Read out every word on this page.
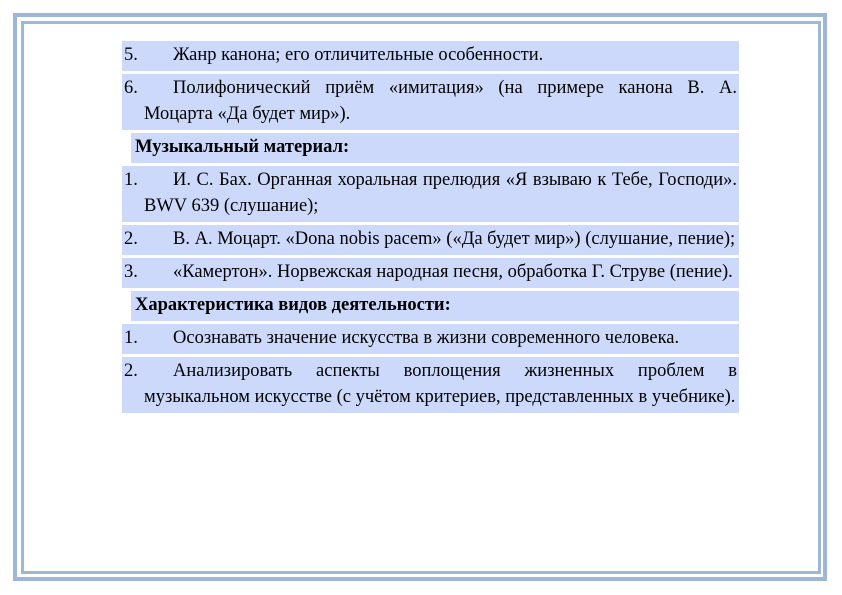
5. Жанр канона; его отличительные особенности.
6. Полифонический приём «имитация» (на примере канона В. А. Моцарта «Да будет мир»).
Музыкальный материал:
1. И. С. Бах. Органная хоральная прелюдия «Я взываю к Тебе, Господи». BWV 639 (слушание);
2. В. А. Моцарт. «Dona nobis pacem» («Да будет мир») (слушание, пение);
3. «Камертон». Норвежская народная песня, обработка Г. Струве (пение).
Характеристика видов деятельности:
1. Осознавать значение искусства в жизни современного человека.
2. Анализировать аспекты воплощения жизненных проблем в музыкальном искусстве (с учётом критериев, представленных в учебнике).
